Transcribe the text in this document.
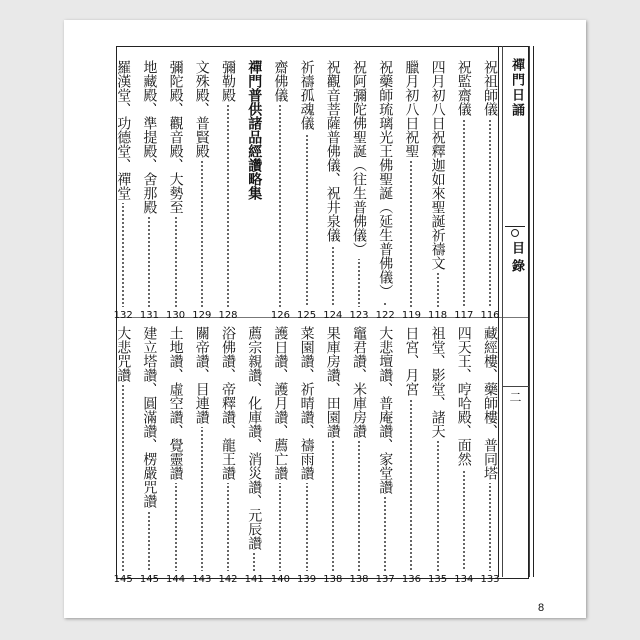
禪門日誦
目錄
二
祝祖師儀
116
祝監齋儀
117
四月初八日祝釋迦如來聖誕祈禱文
118
臘月初八日祝聖
119
祝藥師琉璃光王佛聖誕（延生普佛儀）
122
祝阿彌陀佛聖誕（往生普佛儀）
123
祝觀音菩薩普佛儀、祝井泉儀
124
祈禱孤魂儀
125
齋佛儀
126
禪門普供諸品經讚略集
彌勒殿
128
文殊殿、普賢殿
129
彌陀殿、觀音殿、大勢至
130
地藏殿、準提殿、舍那殿
131
羅漢堂、功德堂、禪堂
132
藏經樓、藥師樓、普同塔
133
四天王、哼哈殿、面然
134
祖堂、影堂、諸天
135
日宮、月宮
136
大悲壇讚、普庵讚、家堂讚
137
竈君讚、米庫房讚
138
果庫房讚、田園讚
138
菜園讚、祈晴讚、禱雨讚
139
護日讚、護月讚、薦亡讚
140
薦宗親讚、化庫讚、消災讚、元辰讚
141
浴佛讚、帝釋讚、龍王讚
142
關帝讚、目連讚
143
土地讚、虛空讚、覺靈讚
144
建立塔讚、圓滿讚、楞嚴咒讚
145
大悲咒讚
145
8
